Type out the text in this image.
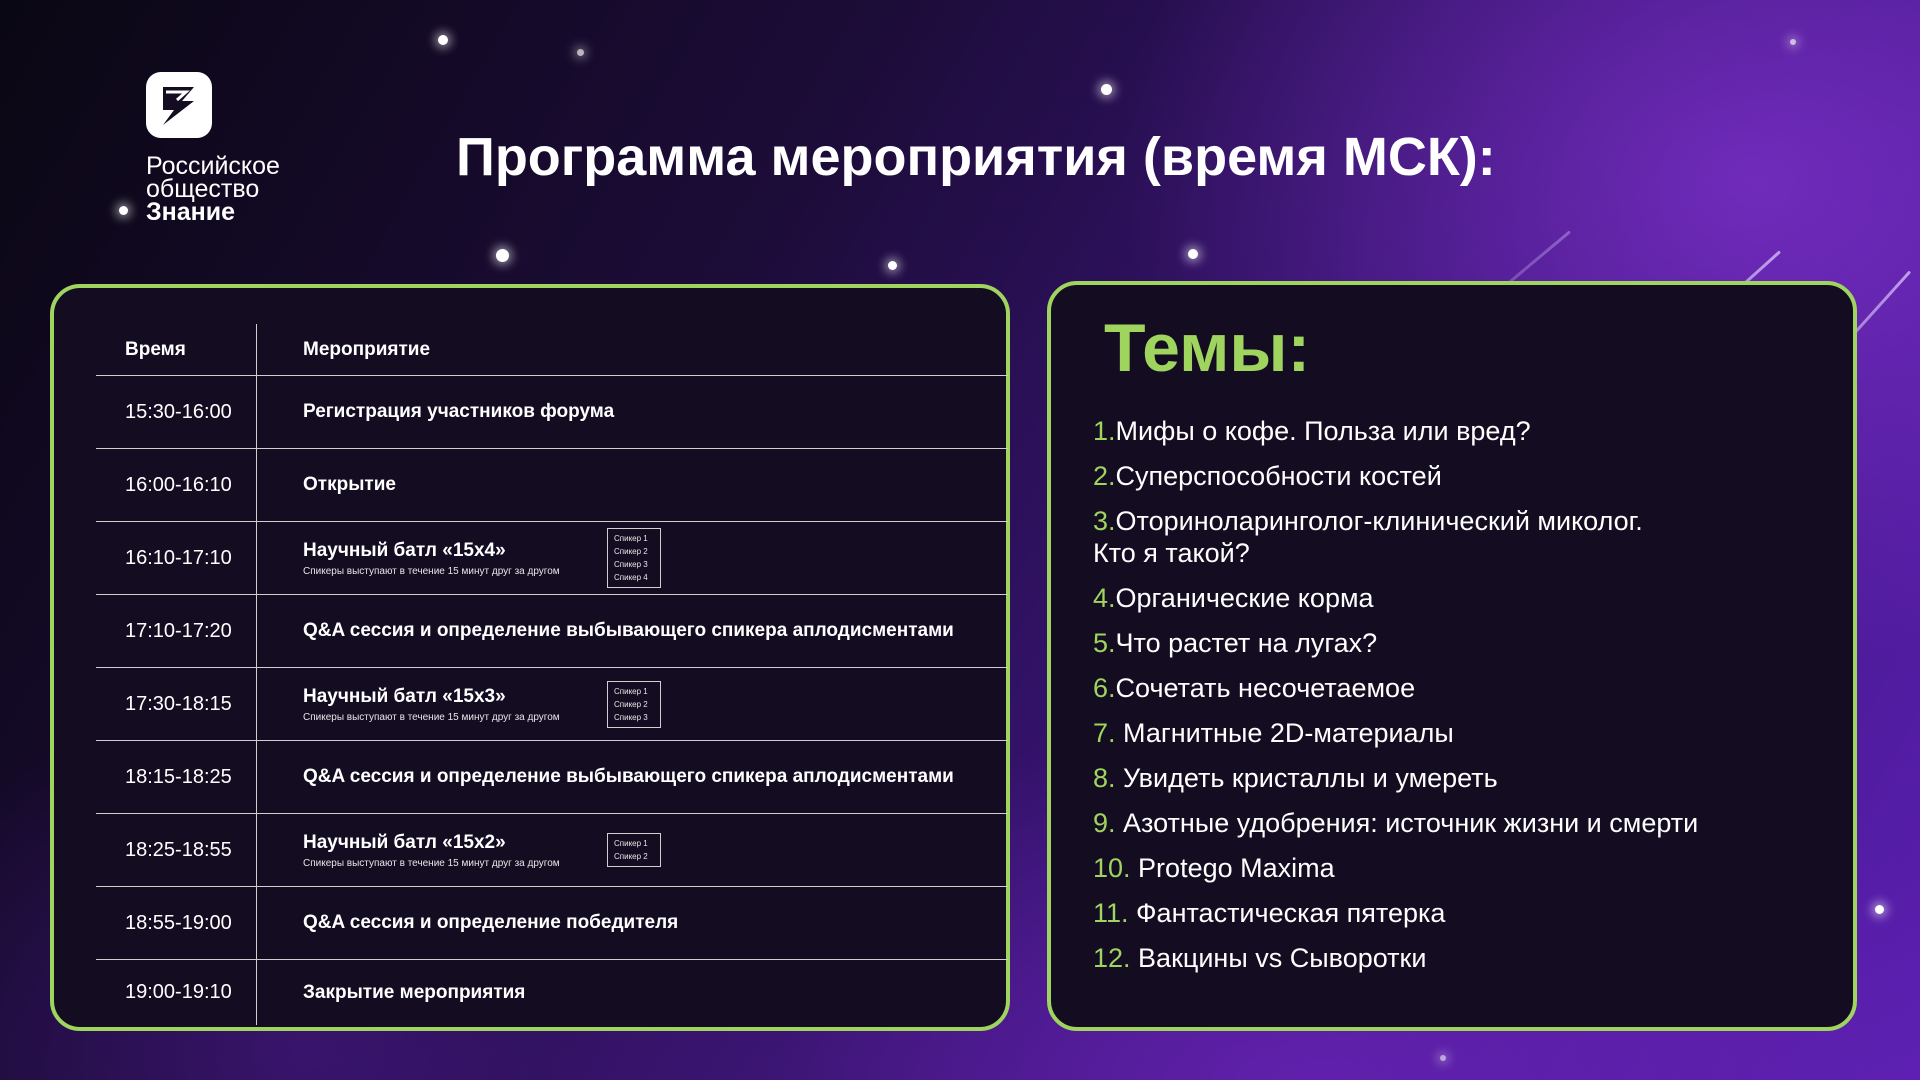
Российское
общество
Знание
Программа мероприятия (время МСК):
Время	Мероприятие
15:30-16:00	Регистрация участников форума
16:00-16:10	Открытие
16:10-17:10	Научный батл «15х4»
Спикеры выступают в течение 15 минут друг за другом
Спикер 1
Спикер 2
Спикер 3
Спикер 4
17:10-17:20	Q&A сессия и определение выбывающего спикера аплодисментами
17:30-18:15	Научный батл «15х3»
Спикеры выступают в течение 15 минут друг за другом
Спикер 1
Спикер 2
Спикер 3
18:15-18:25	Q&A сессия и определение выбывающего спикера аплодисментами
18:25-18:55	Научный батл «15х2»
Спикеры выступают в течение 15 минут друг за другом
Спикер 1
Спикер 2
18:55-19:00	Q&A сессия и определение победителя
19:00-19:10	Закрытие мероприятия
Темы:
1.Мифы о кофе. Польза или вред?
2.Суперспособности костей
3.Оториноларинголог-клинический миколог.
Кто я такой?
4.Органические корма
5.Что растет на лугах?
6.Сочетать несочетаемое
7. Магнитные 2D-материалы
8. Увидеть кристаллы и умереть
9. Азотные удобрения: источник жизни и смерти
10. Protego Maxima
11. Фантастическая пятерка
12. Вакцины vs Сыворотки
